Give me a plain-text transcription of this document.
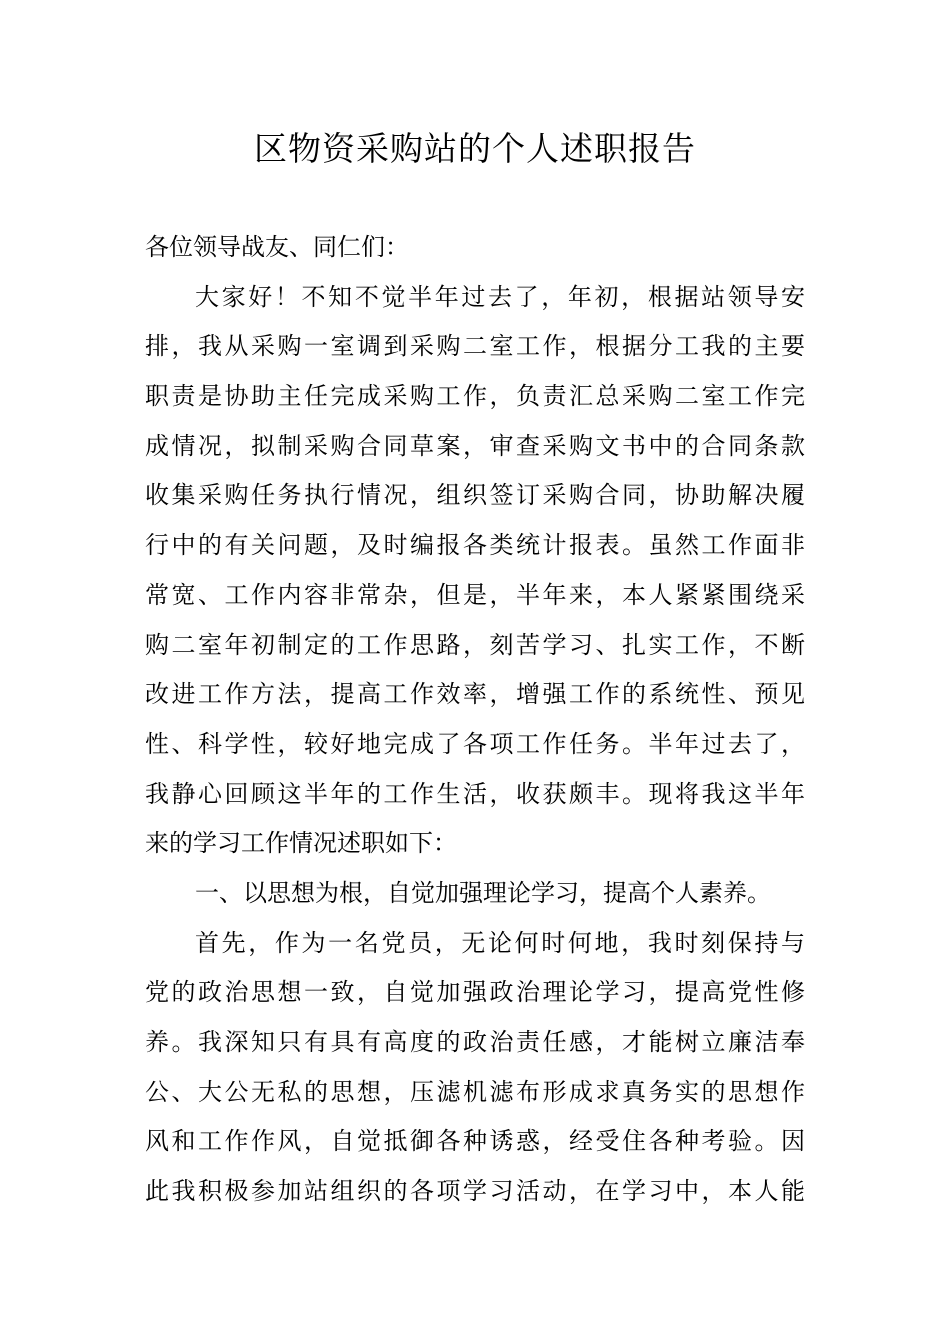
区物资采购站的个人述职报告
各位领导战友、同仁们：
大家好！不知不觉半年过去了，年初，根据站领导安
排，我从采购一室调到采购二室工作，根据分工我的主要
职责是协助主任完成采购工作，负责汇总采购二室工作完
成情况，拟制采购合同草案，审查采购文书中的合同条款
收集采购任务执行情况，组织签订采购合同，协助解决履
行中的有关问题，及时编报各类统计报表。虽然工作面非
常宽、工作内容非常杂，但是，半年来，本人紧紧围绕采
购二室年初制定的工作思路，刻苦学习、扎实工作，不断
改进工作方法，提高工作效率，增强工作的系统性、预见
性、科学性，较好地完成了各项工作任务。半年过去了，
我静心回顾这半年的工作生活，收获颇丰。现将我这半年
来的学习工作情况述职如下：
一、以思想为根，自觉加强理论学习，提高个人素养。
首先，作为一名党员，无论何时何地，我时刻保持与
党的政治思想一致，自觉加强政治理论学习，提高党性修
养。我深知只有具有高度的政治责任感，才能树立廉洁奉
公、大公无私的思想，压滤机滤布形成求真务实的思想作
风和工作作风，自觉抵御各种诱惑，经受住各种考验。因
此我积极参加站组织的各项学习活动，在学习中，本人能
